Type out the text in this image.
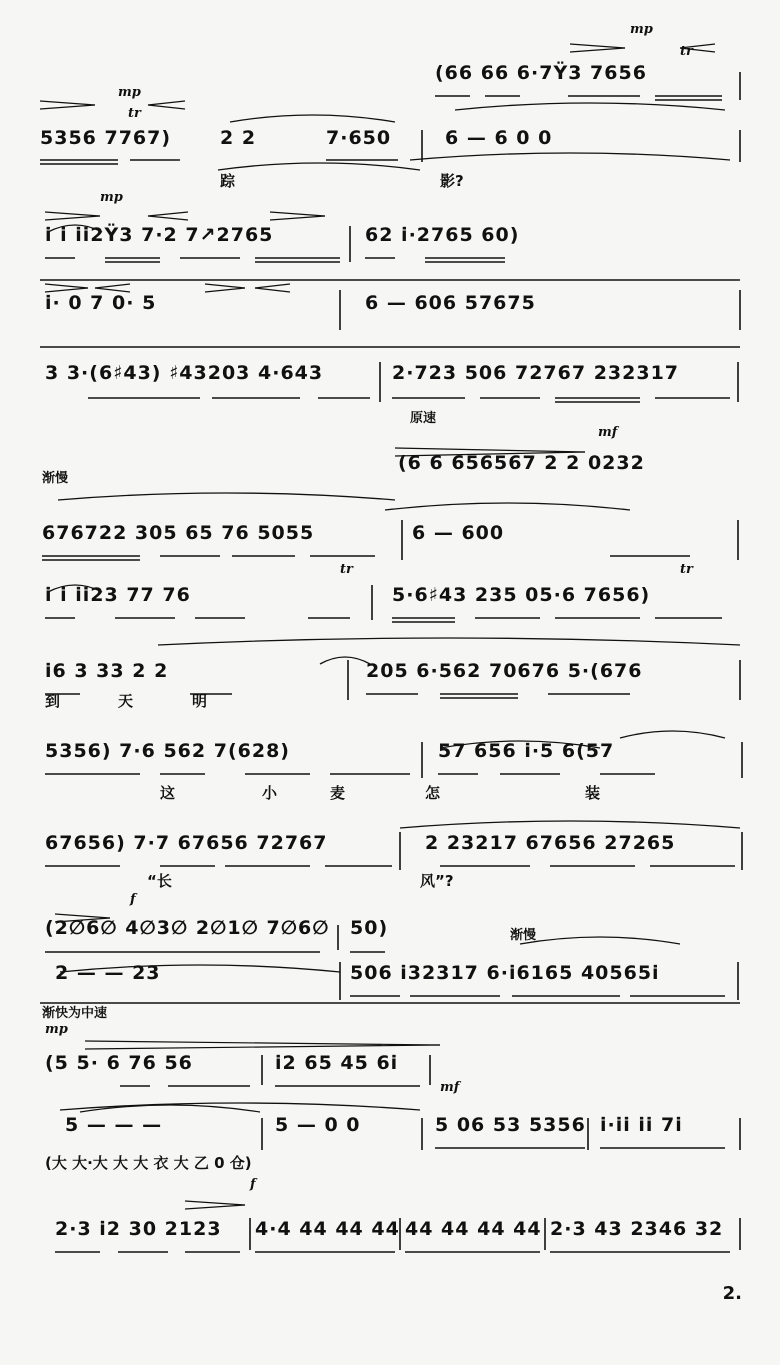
2.
(66 66 6·7Ÿ3 7656
mp
tr
5356 7767)	2 2	7·650	6 — 6 0 0
mp
tr
踪	影?
i̇ i̇ i̇i̇2Ÿ3 7·2 7↗2765	62 i̇·2765 60)
mp
i̇· 0 7 0· 5	6 — 606 57675
3 3·(6♯43) ♯43203 4·643	2·723 506 72767 232317
原速
(6 6 656567 2 2 0232
mf
渐慢
676722 305 65 76 5055	6 — 600
i̇ i̇ i̇i̇23 77 76	5·6♯43 235 05·6 7656)
tr	tr
i̇6 3 33 2 2	205 6·562 70676 5·(676
到	天	明
5356) 7·6 562 7(628)	57 656 i̇·5 6(57
这	小	麦	怎	装
67656) 7·7 67656 72767	2 23217 67656 27265
“长	风”?
(2∅6∅ 4∅3∅ 2∅1∅ 7∅6∅ 50)
f
渐慢
2 — — 23	506 i̇32317 6·i̇6165 40565i̇
渐快为中速
(5 5· 6 76 56	i̇2 65 45 6i̇
mp
5 — — —	5 — 0 0	5 06 53 5356 i̇·i̇i̇ i̇i̇ 7i̇
mf
(大 大·大 大 大 衣 大 乙 0 仓)
2·3 i̇2 30 2123 4·4 44 44 44 44 44 44 44 2·3 43 2346 32
f
